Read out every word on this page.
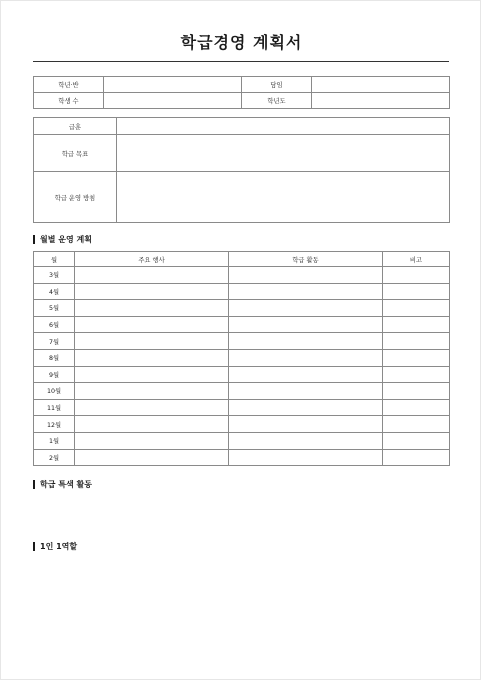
학급경영 계획서
학년·반		담임	
학생 수		학년도	
급훈	
학급 목표	
학급 운영 방침	
월별 운영 계획
월	주요 행사	학급 활동	비고
3월			
4월			
5월			
6월			
7월			
8월			
9월			
10월			
11월			
12월			
1월			
2월			
학급 특색 활동
1인 1역할
